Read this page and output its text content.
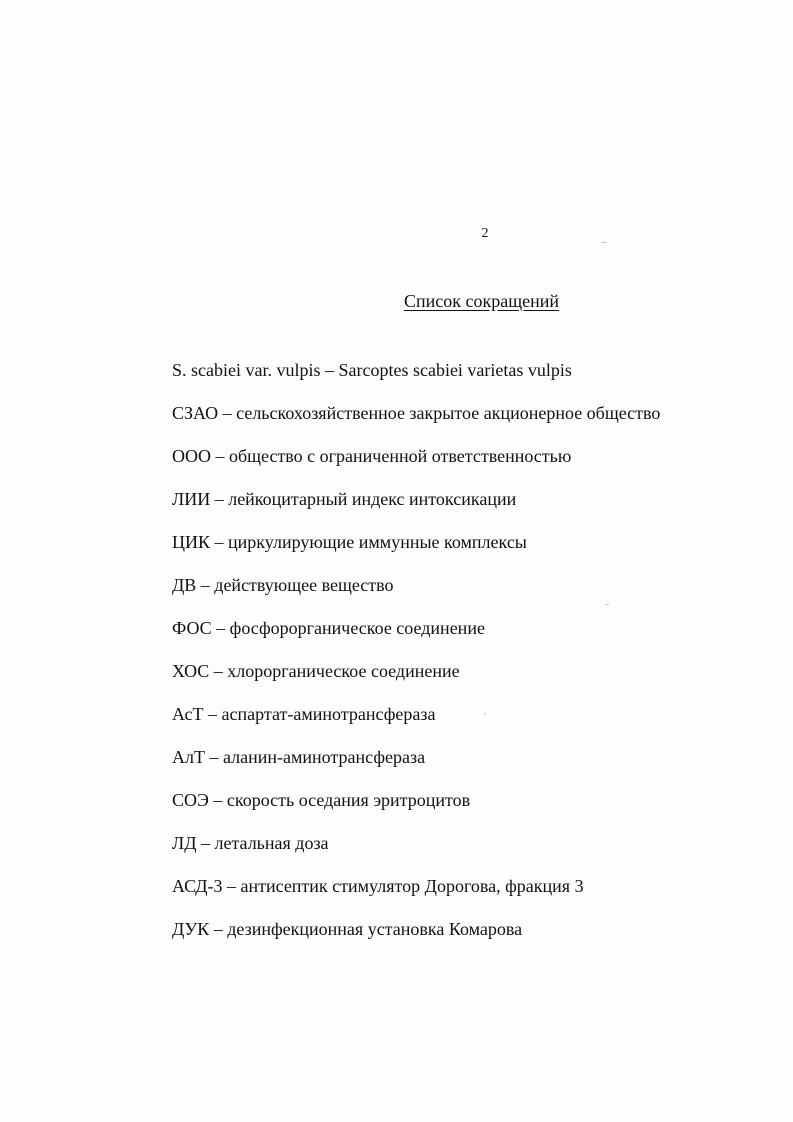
2
Список сокращений
S. scabiei var. vulpis – Sarcoptes scabiei varietas vulpis
СЗАО – сельскохозяйственное закрытое акционерное общество
ООО – общество с ограниченной ответственностью
ЛИИ – лейкоцитарный индекс интоксикации
ЦИК – циркулирующие иммунные комплексы
ДВ – действующее вещество
ФОС – фосфорорганическое соединение
ХОС – хлорорганическое соединение
АсТ – аспартат-аминотрансфераза
АлТ – аланин-аминотрансфераза
СОЭ – скорость оседания эритроцитов
ЛД – летальная доза
АСД-3 – антисептик стимулятор Дорогова, фракция 3
ДУК – дезинфекционная установка Комарова
